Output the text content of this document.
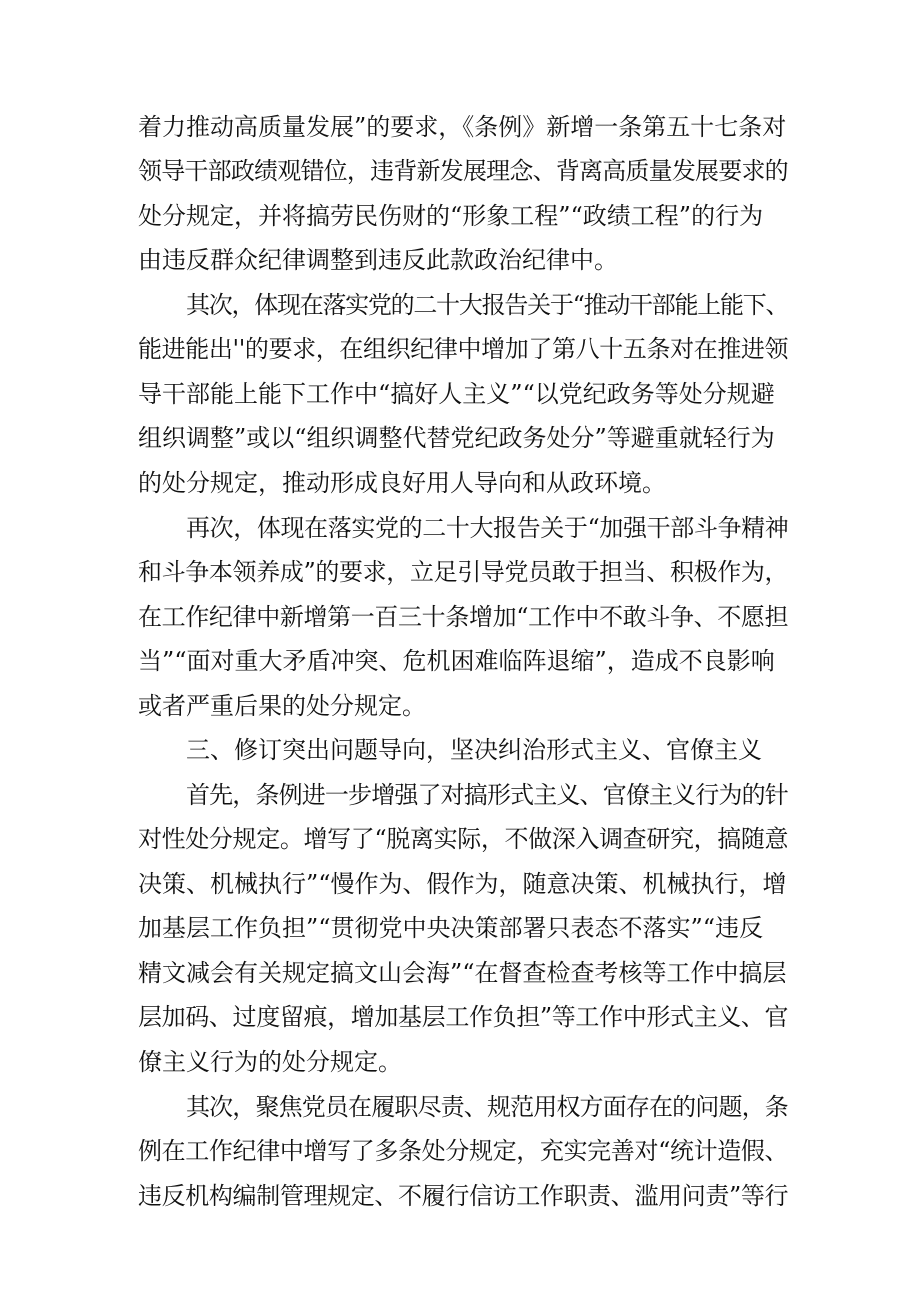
着力推动高质量发展”的要求，《条例》新增一条第五十七条对
领导干部政绩观错位，违背新发展理念、背离高质量发展要求的
处分规定，并将搞劳民伤财的“形象工程”“政绩工程”的行为
由违反群众纪律调整到违反此款政治纪律中。
其次，体现在落实党的二十大报告关于“推动干部能上能下、
能进能出''的要求，在组织纪律中增加了第八十五条对在推进领
导干部能上能下工作中“搞好人主义”“以党纪政务等处分规避
组织调整”或以“组织调整代替党纪政务处分”等避重就轻行为
的处分规定，推动形成良好用人导向和从政环境。
再次，体现在落实党的二十大报告关于“加强干部斗争精神
和斗争本领养成”的要求，立足引导党员敢于担当、积极作为，
在工作纪律中新增第一百三十条增加“工作中不敢斗争、不愿担
当”“面对重大矛盾冲突、危机困难临阵退缩”，造成不良影响
或者严重后果的处分规定。
三、修订突出问题导向，坚决纠治形式主义、官僚主义
首先，条例进一步增强了对搞形式主义、官僚主义行为的针
对性处分规定。增写了“脱离实际，不做深入调查研究，搞随意
决策、机械执行”“慢作为、假作为，随意决策、机械执行，增
加基层工作负担”“贯彻党中央决策部署只表态不落实”“违反
精文减会有关规定搞文山会海”“在督查检查考核等工作中搞层
层加码、过度留痕，增加基层工作负担”等工作中形式主义、官
僚主义行为的处分规定。
其次，聚焦党员在履职尽责、规范用权方面存在的问题，条
例在工作纪律中增写了多条处分规定，充实完善对“统计造假、
违反机构编制管理规定、不履行信访工作职责、滥用问责”等行
